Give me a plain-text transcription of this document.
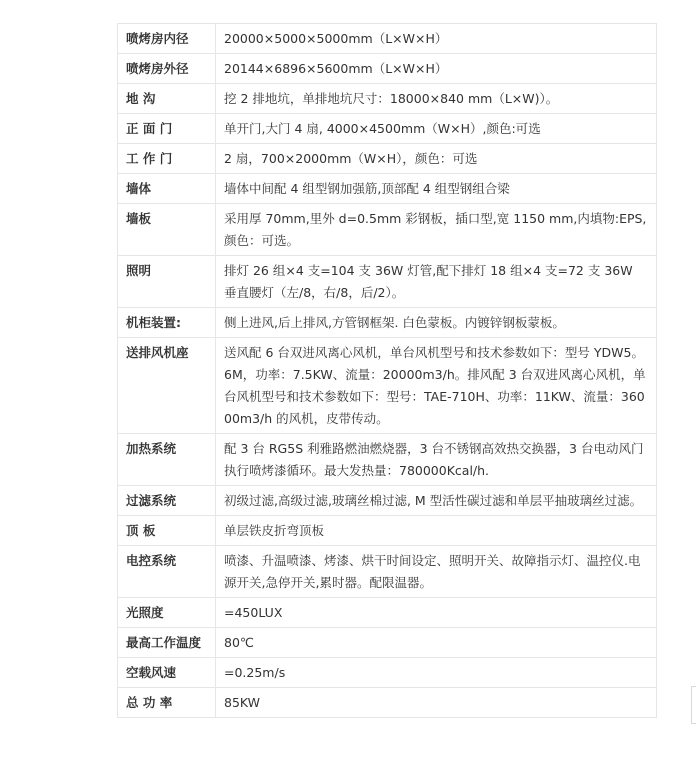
喷烤房内径	20000×5000×5000mm（L×W×H）
喷烤房外径	20144×6896×5600mm（L×W×H）
地 沟	挖 2 排地坑，单排地坑尺寸：18000×840 mm（L×W)）。
正 面 门	单开门,大门 4 扇, 4000×4500mm（W×H）,颜色:可选
工 作 门	2 扇，700×2000mm（W×H），颜色：可选
墙体	墙体中间配 4 组型钢加强筋,顶部配 4 组型钢组合梁
墙板	采用厚 70mm,里外 d=0.5mm 彩钢板，插口型,宽 1150 mm,内填物:EPS, 颜色：可选。
照明	排灯 26 组×4 支=104 支 36W 灯管,配下排灯 18 组×4 支=72 支 36W 垂直腰灯（左/8，右/8，后/2）。
机柜装置:	侧上进风,后上排风,方管钢框架. 白色蒙板。内镀锌钢板蒙板。
送排风机座	送风配 6 台双进风离心风机，单台风机型号和技术参数如下：型号 YDW5。6M，功率：7.5KW、流量：20000m3/h。排风配 3 台双进风离心风机，单台风机型号和技术参数如下：型号：TAE-710H、功率：11KW、流量：36000m3/h 的风机，皮带传动。
加热系统	配 3 台 RG5S 利雅路燃油燃烧器，3 台不锈钢高效热交换器，3 台电动风门执行喷烤漆循环。最大发热量：780000Kcal/h.
过滤系统	初级过滤,高级过滤,玻璃丝棉过滤, M 型活性碳过滤和单层平抽玻璃丝过滤。
顶 板	单层铁皮折弯顶板
电控系统	喷漆、升温喷漆、烤漆、烘干时间设定、照明开关、故障指示灯、温控仪.电源开关,急停开关,累时器。配限温器。
光照度	=450LUX
最高工作温度	80℃
空载风速	=0.25m/s
总 功 率	85KW
